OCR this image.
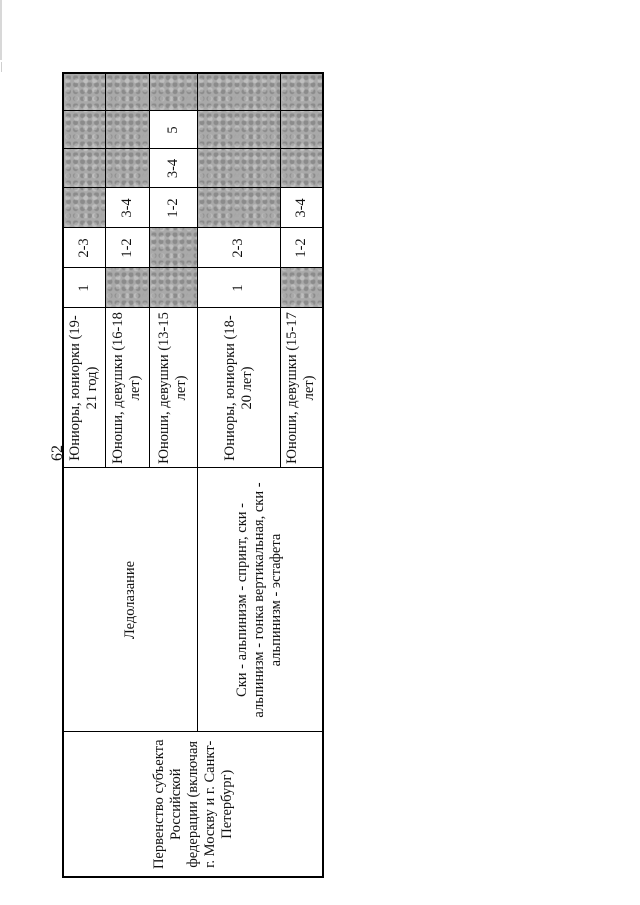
62
Первенство субъекта Российской федерации (включая г. Москву и г. Санкт-Петербург)	Ледолазание	Юниоры, юниорки (19-21 год)	1	2-3				
		Юноши, девушки (16-18 лет)		1-2	3-4			
		Юноши, девушки (13-15 лет)			1-2	3-4	5	
	Ски - альпинизм - спринт, ски - альпинизм - гонка вертикальная, ски - альпинизм - эстафета	Юниоры, юниорки (18-20 лет)	1	2-3				
		Юноши, девушки (15-17 лет)		1-2	3-4			
